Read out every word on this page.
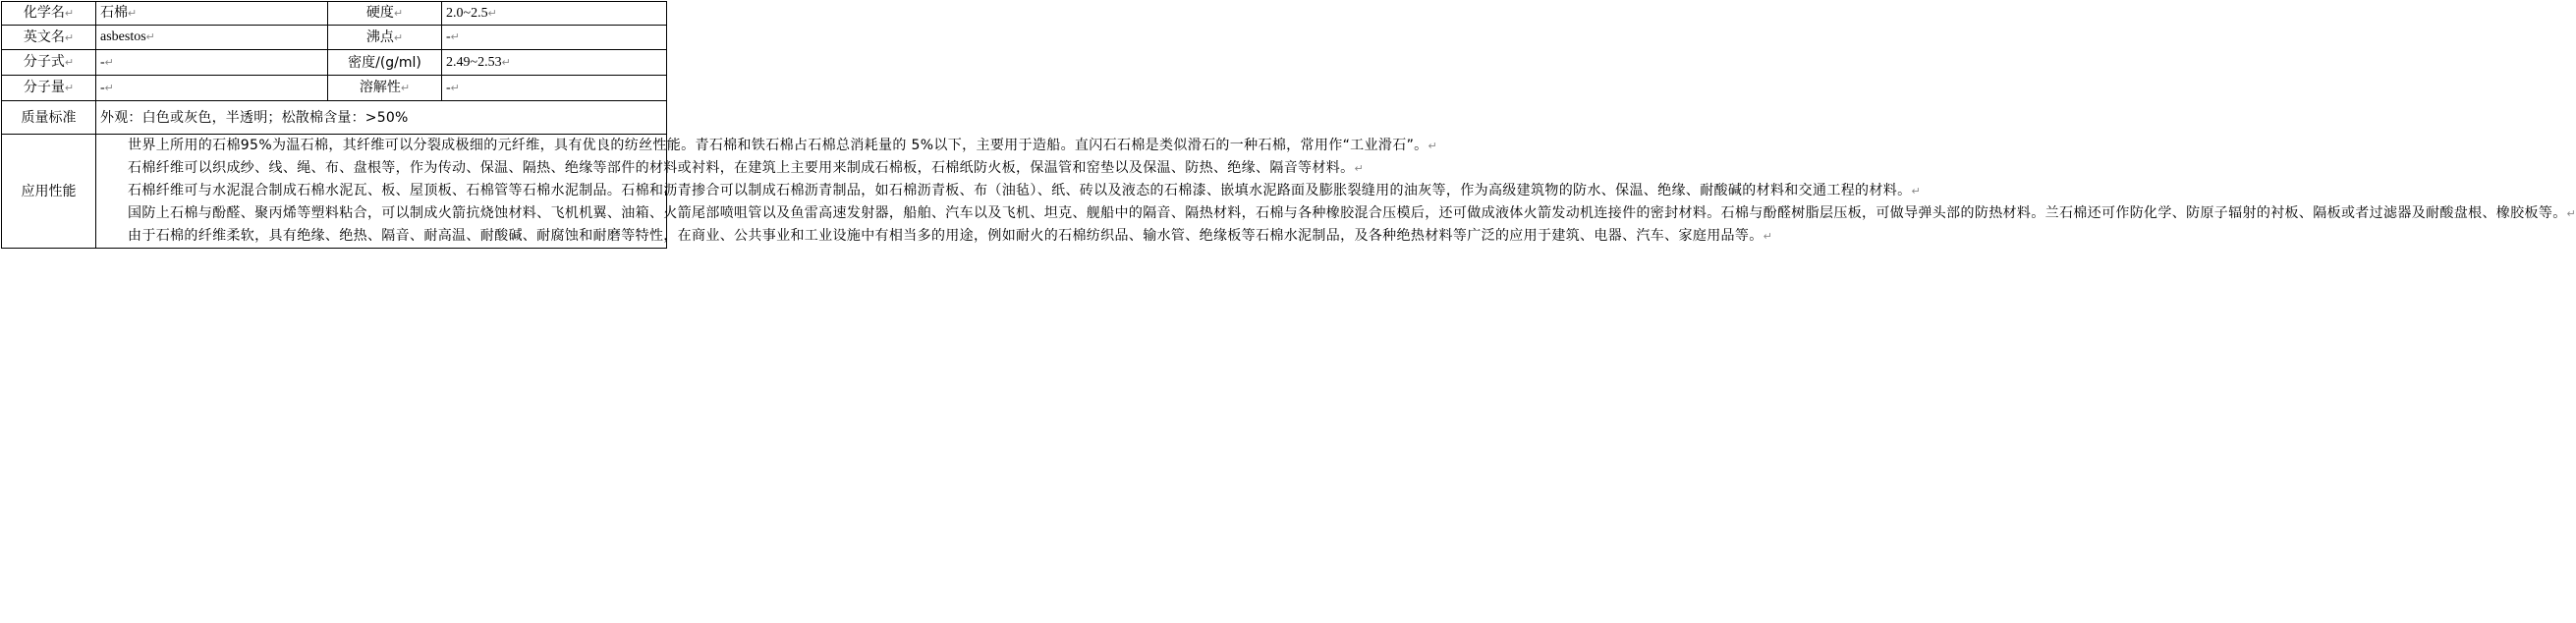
化学名↵	石棉↵	硬度↵	2.0~2.5↵
英文名↵	asbestos↵	沸点↵	-↵
分子式↵	-↵	密度/(g/ml)	2.49~2.53↵
分子量↵	-↵	溶解性↵	-↵
质量标准	外观：白色或灰色，半透明；松散棉含量：>50%		
应用性能	世界上所用的石棉95%为温石棉，其纤维可以分裂成极细的元纤维，具有优良的纺丝性能。青石棉和铁石棉占石棉总消耗量的 5%以下，主要用于造船。直闪石石棉是类似滑石的一种石棉，常用作“工业滑石”。↵

石棉纤维可以织成纱、线、绳、布、盘根等，作为传动、保温、隔热、绝缘等部件的材料或衬料，在建筑上主要用来制成石棉板，石棉纸防火板，保温管和窑垫以及保温、防热、绝缘、隔音等材料。↵

石棉纤维可与水泥混合制成石棉水泥瓦、板、屋顶板、石棉管等石棉水泥制品。石棉和沥青掺合可以制成石棉沥青制品，如石棉沥青板、布（油毡）、纸、砖以及液态的石棉漆、嵌填水泥路面及膨胀裂缝用的油灰等，作为高级建筑物的防水、保温、绝缘、耐酸碱的材料和交通工程的材料。↵

国防上石棉与酚醛、聚丙烯等塑料粘合，可以制成火箭抗烧蚀材料、飞机机翼、油箱、火箭尾部喷咀管以及鱼雷高速发射器，船舶、汽车以及飞机、坦克、舰船中的隔音、隔热材料，石棉与各种橡胶混合压模后，还可做成液体火箭发动机连接件的密封材料。石棉与酚醛树脂层压板，可做导弹头部的防热材料。兰石棉还可作防化学、防原子辐射的衬板、隔板或者过滤器及耐酸盘根、橡胶板等。↵

由于石棉的纤维柔软，具有绝缘、绝热、隔音、耐高温、耐酸碱、耐腐蚀和耐磨等特性，在商业、公共事业和工业设施中有相当多的用途，例如耐火的石棉纺织品、输水管、绝缘板等石棉水泥制品，及各种绝热材料等广泛的应用于建筑、电器、汽车、家庭用品等。↵		
